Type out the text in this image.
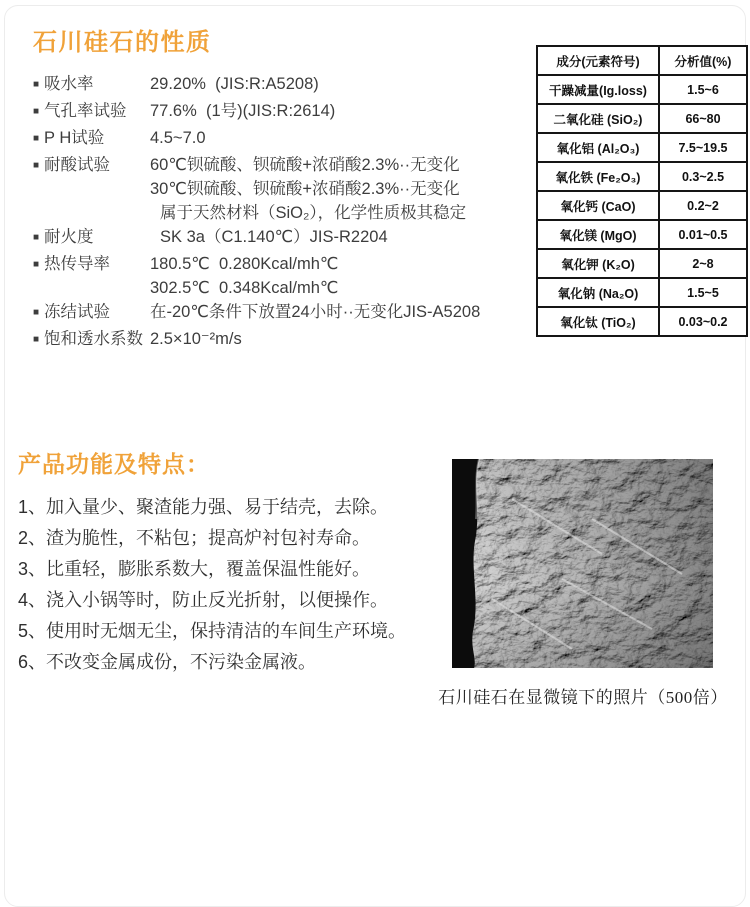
石川硅石的性质
■ 吸水率	29.20%  (JIS:R:A5208)
■ 气孔率试验	77.6%  (1号)(JIS:R:2614)
■ P H试验	4.5~7.0
■ 耐酸试验	60℃钡硫酸、钡硫酸+浓硝酸2.3%··无变化
30℃钡硫酸、钡硫酸+浓硝酸2.3%··无变化
属于天然材料（SiO₂），化学性质极其稳定
■ 耐火度	SK 3a（C1.140℃）JIS-R2204
■ 热传导率	180.5℃  0.280Kcal/mh℃
302.5℃  0.348Kcal/mh℃
■ 冻结试验	在-20℃条件下放置24小时··无变化JIS-A5208
■ 饱和透水系数 2.5×10⁻²m/s
成分(元素符号)	分析值(%)
干躁减量(Ig.loss)	1.5~6
二氧化硅 (SiO₂)	66~80
氧化铝 (Al₂O₃)	7.5~19.5
氧化铁 (Fe₂O₃)	0.3~2.5
氧化钙 (CaO)	0.2~2
氧化镁 (MgO)	0.01~0.5
氧化钾 (K₂O)	2~8
氧化钠 (Na₂O)	1.5~5
氧化钛 (TiO₂)	0.03~0.2
产品功能及特点：
1、加入量少、聚渣能力强、易于结壳，去除。
2、渣为脆性，不粘包；提高炉衬包衬寿命。
3、比重轻，膨胀系数大，覆盖保温性能好。
4、浇入小锅等时，防止反光折射，以便操作。
5、使用时无烟无尘，保持清洁的车间生产环境。
6、不改变金属成份，不污染金属液。
石川硅石在显微镜下的照片（500倍）
